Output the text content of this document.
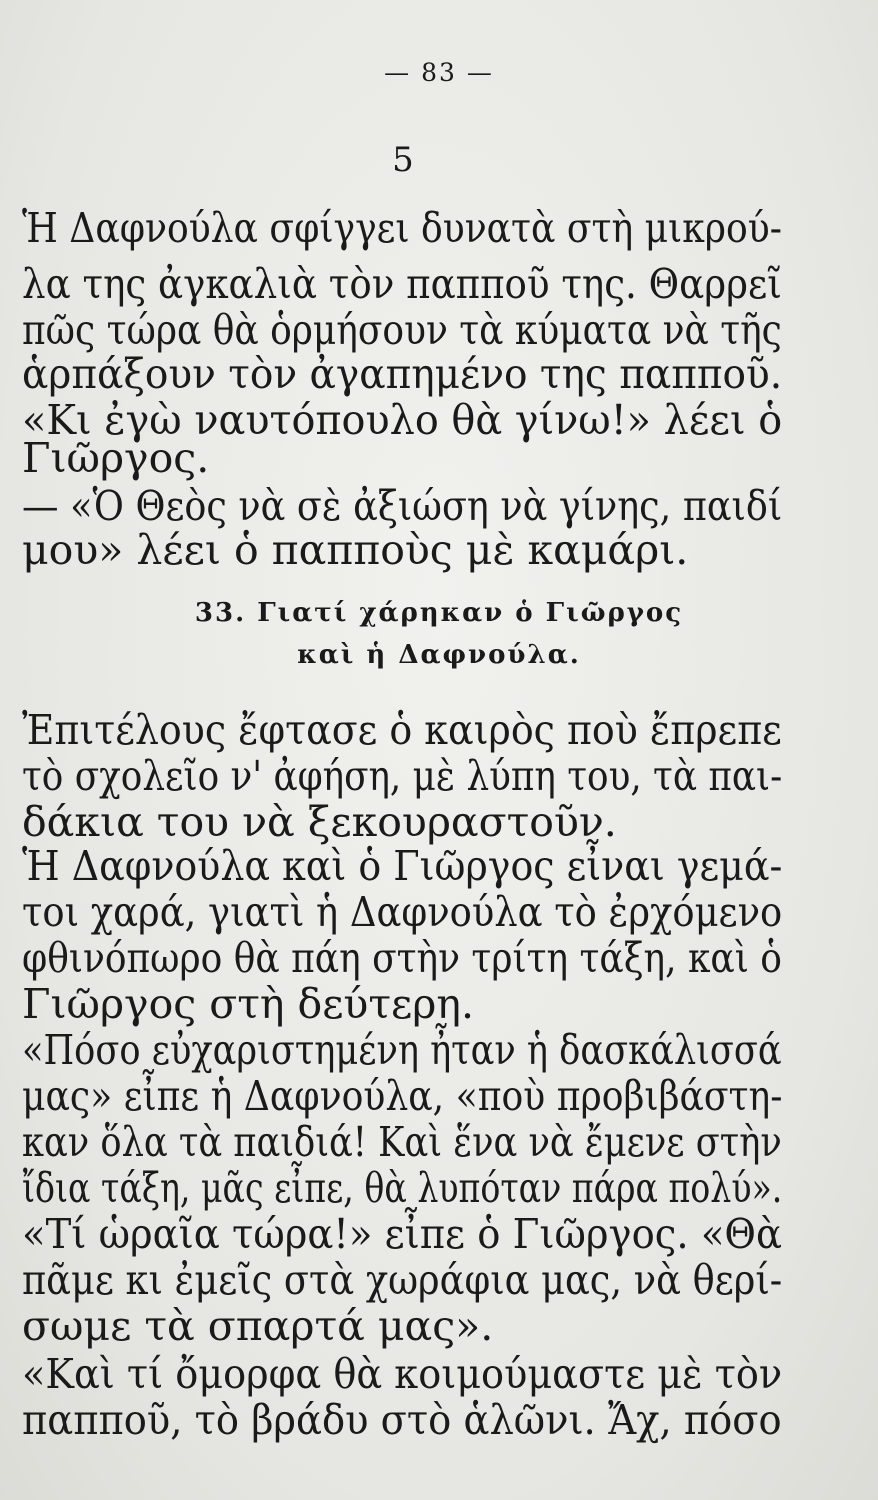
— 83 —
5
Ἡ Δαφνούλα σφίγγει δυνατὰ στὴ μικρού-
λα της ἀγκαλιὰ τὸν παπποῦ της. Θαρρεῖ
πῶς τώρα θὰ ὁρμήσουν τὰ κύματα νὰ τῆς
ἁρπάξουν τὸν ἀγαπημένο της παπποῦ.
«Κι ἐγὼ ναυτόπουλο θὰ γίνω!» λέει ὁ
Γιῶργος.
— «Ὁ Θεὸς νὰ σὲ ἀξιώση νὰ γίνης, παιδί
μου» λέει ὁ παπποὺς μὲ καμάρι.
33. Γιατί χάρηκαν ὁ Γιῶργος
καὶ ἡ Δαφνούλα.
Ἐπιτέλους ἔφτασε ὁ καιρὸς ποὺ ἔπρεπε
τὸ σχολεῖο ν' ἀφήση, μὲ λύπη του, τὰ παι-
δάκια του νὰ ξεκουραστοῦν.
Ἡ Δαφνούλα καὶ ὁ Γιῶργος εἶναι γεμά-
τοι χαρά, γιατὶ ἡ Δαφνούλα τὸ ἐρχόμενο
φθινόπωρο θὰ πάη στὴν τρίτη τάξη, καὶ ὁ
Γιῶργος στὴ δεύτερη.
«Πόσο εὐχαριστημένη ἦταν ἡ δασκάλισσά
μας» εἶπε ἡ Δαφνούλα, «ποὺ προβιβάστη-
καν ὅλα τὰ παιδιά! Καὶ ἕνα νὰ ἔμενε στὴν
ἴδια τάξη, μᾶς εἶπε, θὰ λυπόταν πάρα πολύ».
«Τί ὡραῖα τώρα!» εἶπε ὁ Γιῶργος. «Θὰ
πᾶμε κι ἐμεῖς στὰ χωράφια μας, νὰ θερί-
σωμε τὰ σπαρτά μας».
«Καὶ τί ὄμορφα θὰ κοιμούμαστε μὲ τὸν
παπποῦ, τὸ βράδυ στὸ ἁλῶνι. Ἄχ, πόσο
